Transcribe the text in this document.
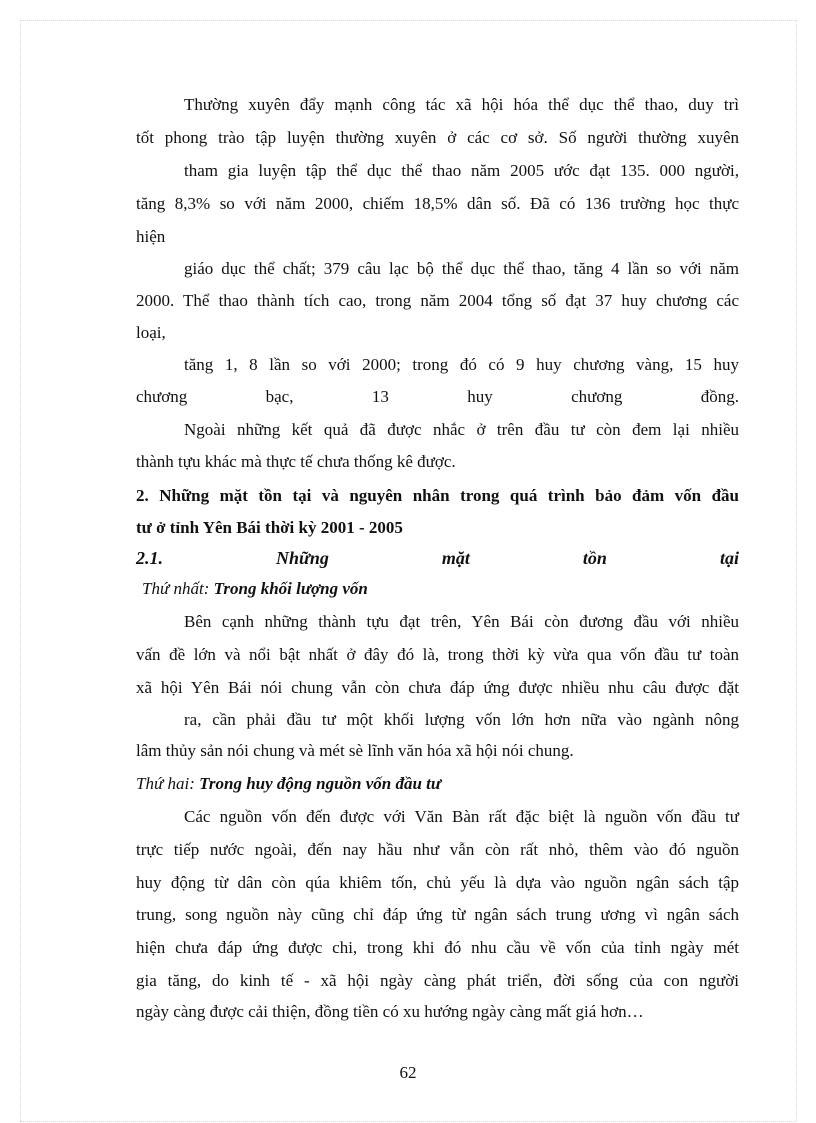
Thường xuyên đẩy mạnh công tác xã hội hóa thể dục thể thao, duy trì
tốt phong trào tập luyện thường xuyên ở các cơ sở. Số người thường xuyên
tham gia luyện tập thể dục thể thao năm 2005 ước đạt 135. 000 người,
tăng 8,3% so với năm 2000, chiếm 18,5% dân số. Đã có 136 trường học thực
hiện
giáo dục thể chất; 379 câu lạc bộ thể dục thể thao, tăng 4 lần so với năm
2000. Thể thao thành tích cao, trong năm 2004 tổng số đạt 37 huy chương các
loại,
tăng 1, 8 lần so với 2000; trong đó có 9 huy chương vàng, 15 huy
chương bạc, 13 huy chương đồng.
Ngoài những kết quả đã được nhắc ở trên đầu tư còn đem lại nhiều
thành tựu khác mà thực tế chưa thống kê được.
2. Những mặt tồn tại và nguyên nhân trong quá trình bảo đảm vốn đầu
tư ở tỉnh Yên Bái thời kỳ 2001 - 2005
2.1.	Những	mặt	tồn	tại
Thứ nhất: Trong khối lượng vốn
Bên cạnh những thành tựu đạt trên, Yên Bái còn đương đầu với nhiều
vấn đề lớn và nổi bật nhất ở đây đó là, trong thời kỳ vừa qua vốn đầu tư toàn
xã hội Yên Bái nói chung vẫn còn chưa đáp ứng được nhiều nhu câu được đặt
ra, cần phải đầu tư một khối lượng vốn lớn hơn nữa vào ngành nông
lâm thủy sản nói chung và mét sè lĩnh văn hóa xã hội nói chung.
Thứ hai: Trong huy động nguồn vốn đầu tư
Các nguồn vốn đến được với Văn Bàn rất đặc biệt là nguồn vốn đầu tư
trực tiếp nước ngoài, đến nay hầu như vẫn còn rất nhỏ, thêm vào đó nguồn
huy động từ dân còn qúa khiêm tốn, chủ yếu là dựa vào nguồn ngân sách tập
trung, song nguồn này cũng chỉ đáp ứng từ ngân sách trung ương vì ngân sách
hiện chưa đáp ứng được chi, trong khi đó nhu cầu về vốn của tỉnh ngày mét
gia tăng, do kinh tế - xã hội ngày càng phát triển, đời sống của con người
ngày càng được cải thiện, đồng tiền có xu hướng ngày càng mất giá hơn…
62
